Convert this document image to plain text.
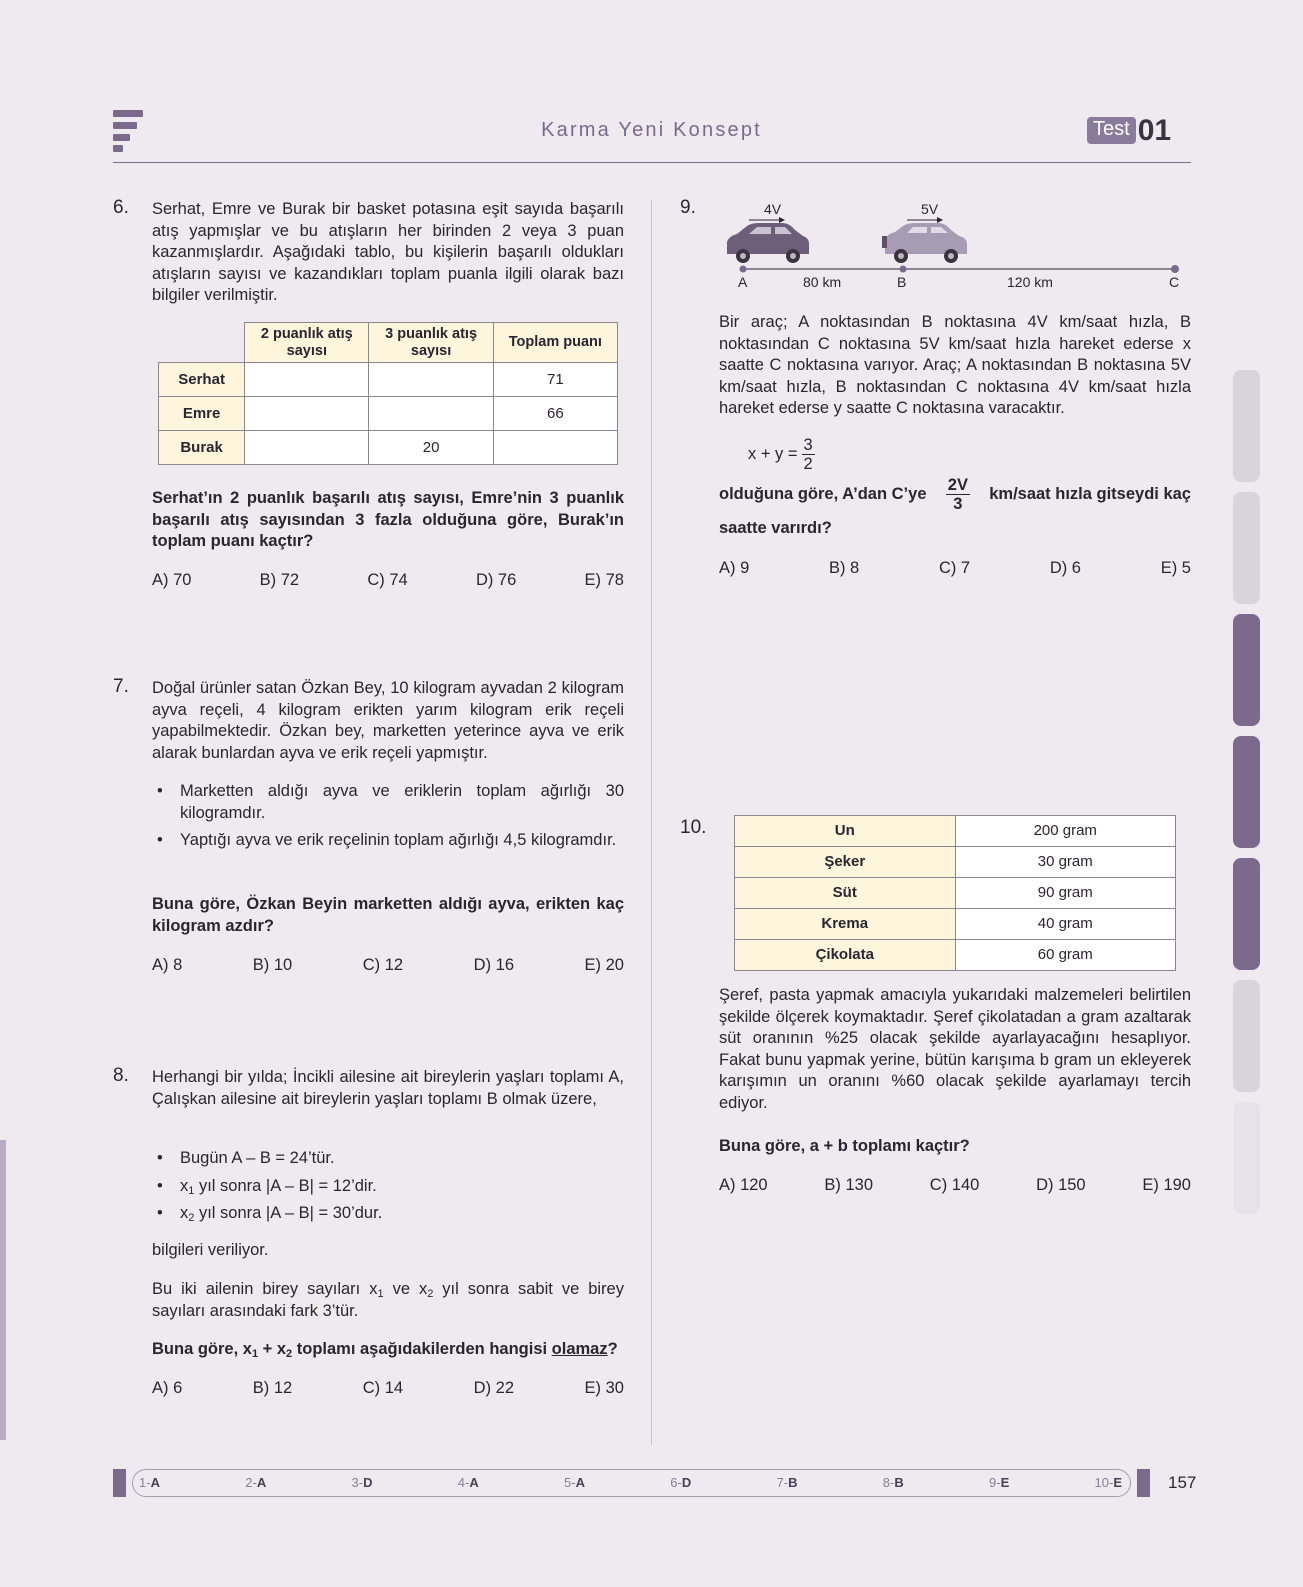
Karma Yeni Konsept	Test 01
6. Serhat, Emre ve Burak bir basket potasına eşit sayıda başarılı atış yapmışlar ve bu atışların her birinden 2 veya 3 puan kazanmışlardır. Aşağıdaki tablo, bu kişilerin başarılı oldukları atışların sayısı ve kazandıkları toplam puanla ilgili olarak bazı bilgiler verilmiştir.
	2 puanlık atış sayısı	3 puanlık atış sayısı	Toplam puanı
Serhat			71
Emre			66
Burak		20	
Serhat’ın 2 puanlık başarılı atış sayısı, Emre’nin 3 puanlık başarılı atış sayısından 3 fazla olduğuna göre, Burak’ın toplam puanı kaçtır?
A) 70	B) 72	C) 74	D) 76	E) 78
7. Doğal ürünler satan Özkan Bey, 10 kilogram ayvadan 2 kilogram ayva reçeli, 4 kilogram erikten yarım kilogram erik reçeli yapabilmektedir. Özkan bey, marketten yeterince ayva ve erik alarak bunlardan ayva ve erik reçeli yapmıştır.
• Marketten aldığı ayva ve eriklerin toplam ağırlığı 30 kilogramdır.
• Yaptığı ayva ve erik reçelinin toplam ağırlığı 4,5 kilogramdır.
Buna göre, Özkan Beyin marketten aldığı ayva, erikten kaç kilogram azdır?
A) 8	B) 10	C) 12	D) 16	E) 20
8. Herhangi bir yılda; İncikli ailesine ait bireylerin yaşları toplamı A, Çalışkan ailesine ait bireylerin yaşları toplamı B olmak üzere,
• Bugün A – B = 24’tür.
• $x_1$ yıl sonra |A – B| = 12’dir.
• $x_2$ yıl sonra |A – B| = 30’dur.
bilgileri veriliyor.
Bu iki ailenin birey sayıları $x_1$ ve $x_2$ yıl sonra sabit ve birey sayıları arasındaki fark 3’tür.
Buna göre, $x_1 + x_2$ toplamı aşağıdakilerden hangisi olamaz?
A) 6	B) 12	C) 14	D) 22	E) 30
9.	4V	5V
A	80 km	B	120 km	C
Bir araç; A noktasından B noktasına 4V km/saat hızla, B noktasından C noktasına 5V km/saat hızla hareket ederse x saatte C noktasına varıyor. Araç; A noktasından B noktasına 5V km/saat hızla, B noktasından C noktasına 4V km/saat hızla hareket ederse y saatte C noktasına varacaktır.
$x + y = \frac{3}{2}$
olduğuna göre, A’dan C’ye $\frac{2V}{3}$ km/saat hızla gitseydi kaç
saatte varırdı?
A) 9	B) 8	C) 7	D) 6	E) 5
10.	Un	200 gram
Şeker	30 gram
Süt	90 gram
Krema	40 gram
Çikolata	60 gram
Şeref, pasta yapmak amacıyla yukarıdaki malzemeleri belirtilen şekilde ölçerek koymaktadır. Şeref çikolatadan a gram azaltarak süt oranının %25 olacak şekilde ayarlayacağını hesaplıyor. Fakat bunu yapmak yerine, bütün karışıma b gram un ekleyerek karışımın un oranını %60 olacak şekilde ayarlamayı tercih ediyor.
Buna göre, a + b toplamı kaçtır?
A) 120	B) 130	C) 140	D) 150	E) 190
1-A	2-A	3-D	4-A	5-A	6-D	7-B	8-B	9-E	10-E	157
